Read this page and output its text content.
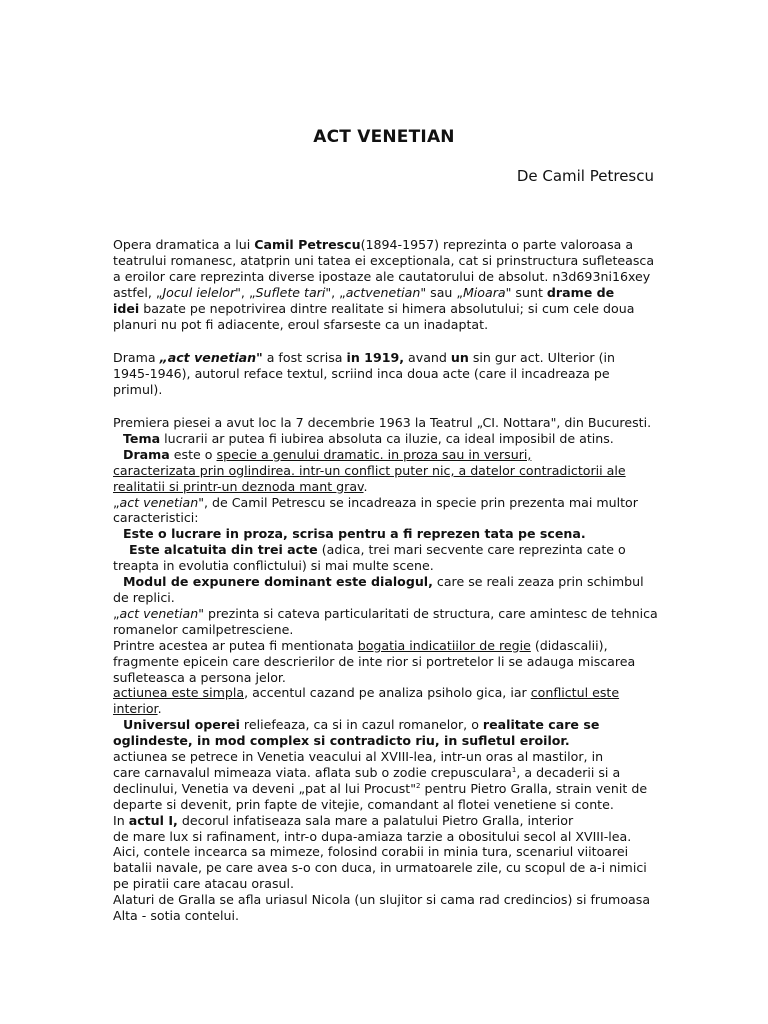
ACT VENETIAN
De Camil Petrescu
Opera dramatica a lui Camil Petrescu(1894-1957) reprezinta o parte valoroasa a
teatrului romanesc, atatprin uni tatea ei exceptionala, cat si prinstructura sufleteasca
a eroilor care reprezinta diverse ipostaze ale cautatorului de absolut. n3d693ni16xey
astfel, „Jocul ielelor", „Suflete tari", „actvenetian" sau „Mioara" sunt drame de
idei bazate pe nepotrivirea dintre realitate si himera absolutului; si cum cele doua
planuri nu pot fi adiacente, eroul sfarseste ca un inadaptat.
Drama „act venetian" a fost scrisa in 1919, avand un sin gur act. Ulterior (in
1945-1946), autorul reface textul, scriind inca doua acte (care il incadreaza pe
primul).
Premiera piesei a avut loc la 7 decembrie 1963 la Teatrul „CI. Nottara", din Bucuresti.
Tema lucrarii ar putea fi iubirea absoluta ca iluzie, ca ideal imposibil de atins.
Drama este o specie a genului dramatic. in proza sau in versuri,
caracterizata prin oglindirea. intr-un conflict puter nic, a datelor contradictorii ale
realitatii si printr-un deznoda mant grav.
„act venetian", de Camil Petrescu se incadreaza in specie prin prezenta mai multor
caracteristici:
Este o lucrare in proza, scrisa pentru a fi reprezen tata pe scena.
Este alcatuita din trei acte (adica, trei mari secvente care reprezinta cate o
treapta in evolutia conflictului) si mai multe scene.
Modul de expunere dominant este dialogul, care se reali zeaza prin schimbul
de replici.
„act venetian" prezinta si cateva particularitati de structura, care amintesc de tehnica
romanelor camilpetresciene.
Printre acestea ar putea fi mentionata bogatia indicatiilor de regie (didascalii),
fragmente epicein care descrierilor de inte rior si portretelor li se adauga miscarea
sufleteasca a persona jelor.
actiunea este simpla, accentul cazand pe analiza psiholo gica, iar conflictul este
interior.
Universul operei reliefeaza, ca si in cazul romanelor, o realitate care se
oglindeste, in mod complex si contradicto riu, in sufletul eroilor.
actiunea se petrece in Venetia veacului al XVIII-lea, intr-un oras al mastilor, in
care carnavalul mimeaza viata. aflata sub o zodie crepusculara$^1$, a decaderii si a
declinului, Venetia va deveni „pat al lui Procust"$^2$ pentru Pietro Gralla, strain venit de
departe si devenit, prin fapte de vitejie, comandant al flotei venetiene si conte.
In actul I, decorul infatiseaza sala mare a palatului Pietro Gralla, interior
de mare lux si rafinament, intr-o dupa-amiaza tarzie a obositului secol al XVIII-lea.
Aici, contele incearca sa mimeze, folosind corabii in minia tura, scenariul viitoarei
batalii navale, pe care avea s-o con duca, in urmatoarele zile, cu scopul de a-i nimici
pe piratii care atacau orasul.
Alaturi de Gralla se afla uriasul Nicola (un slujitor si cama rad credincios) si frumoasa
Alta - sotia contelui.
